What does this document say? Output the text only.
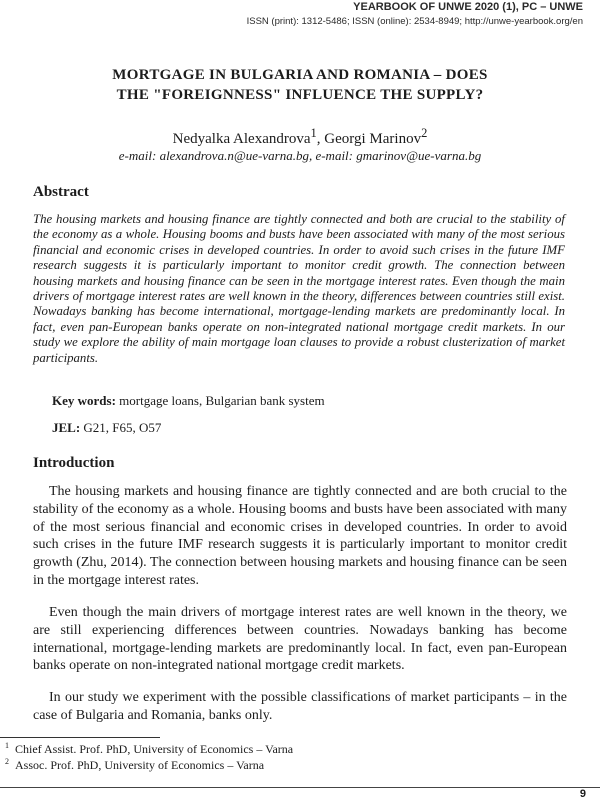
YEARBOOK OF UNWE 2020 (1), PC – UNWE
ISSN (print): 1312-5486; ISSN (online): 2534-8949; http://unwe-yearbook.org/en
MORTGAGE IN BULGARIA AND ROMANIA – DOES
THE "FOREIGNNESS" INFLUENCE THE SUPPLY?
Nedyalka Alexandrova$^1$, Georgi Marinov$^2$
e-mail: alexandrova.n@ue-varna.bg, e-mail: gmarinov@ue-varna.bg
Abstract
The housing markets and housing finance are tightly connected and both are crucial to the stability of the economy as a whole. Housing booms and busts have been associated with many of the most serious financial and economic crises in developed countries. In order to avoid such crises in the future IMF research suggests it is particularly important to monitor credit growth. The connection between housing markets and housing finance can be seen in the mortgage interest rates. Even though the main drivers of mortgage interest rates are well known in the theory, differences between countries still exist. Nowadays banking has become international, mortgage-lending markets are predominantly local. In fact, even pan-European banks operate on non-integrated national mortgage credit markets. In our study we explore the ability of main mortgage loan clauses to provide a robust clusterization of market participants.
Key words: mortgage loans, Bulgarian bank system
JEL: G21, F65, O57
Introduction

The housing markets and housing finance are tightly connected and are both crucial to the stability of the economy as a whole. Housing booms and busts have been associated with many of the most serious financial and economic crises in developed countries. In order to avoid such crises in the future IMF research suggests it is particularly important to monitor credit growth (Zhu, 2014). The connection between housing markets and housing finance can be seen in the mortgage interest rates.

Even though the main drivers of mortgage interest rates are well known in the theory, we are still experiencing differences between countries. Nowadays banking has become international, mortgage-lending markets are predominantly local. In fact, even pan-European banks operate on non-integrated national mortgage credit markets.

In our study we experiment with the possible classifications of market participants – in the case of Bulgaria and Romania, banks only.

$^1$ Chief Assist. Prof. PhD, University of Economics – Varna
$^2$ Assoc. Prof. PhD, University of Economics – Varna
9
